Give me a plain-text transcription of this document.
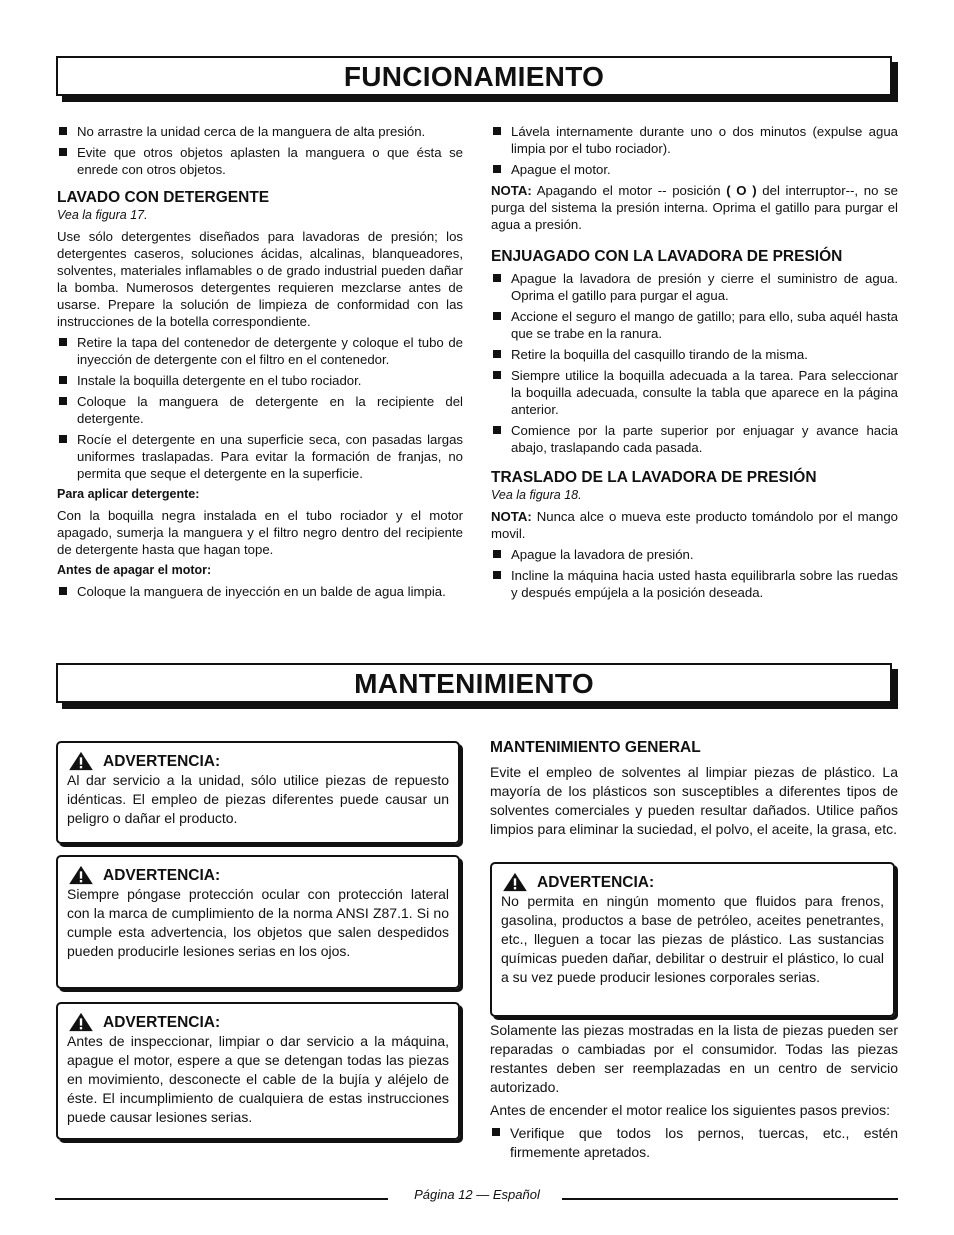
FUNCIONAMIENTO
No arrastre la unidad cerca de la manguera de alta presión.
Evite que otros objetos aplasten la manguera o que ésta se enrede con otros objetos.
LAVADO CON DETERGENTE

Vea la figura 17.

Use sólo detergentes diseñados para lavadoras de presión; los detergentes caseros, soluciones ácidas, alcalinas, blanqueadores, solventes, materiales inflamables o de grado industrial pueden dañar la bomba. Numerosos detergentes requieren mezclarse antes de usarse. Prepare la solución de limpieza de conformidad con las instrucciones de la botella correspondiente.

Retire la tapa del contenedor de detergente y coloque el tubo de inyección de detergente con el filtro en el contenedor.
Instale la boquilla detergente en el tubo rociador.
Coloque la manguera de detergente en la recipiente del detergente.
Rocíe el detergente en una superficie seca, con pasadas largas uniformes traslapadas. Para evitar la formación de franjas, no permita que seque el detergente en la superficie.

Para aplicar detergente:

Con la boquilla negra instalada en el tubo rociador y el motor apagado, sumerja la manguera y el filtro negro dentro del recipiente de detergente hasta que hagan tope.

Antes de apagar el motor:

Coloque la manguera de inyección en un balde de agua limpia.
Lávela internamente durante uno o dos minutos (expulse agua limpia por el tubo rociador).
Apague el motor.

NOTA: Apagando el motor -- posición ( O ) del interruptor--, no se purga del sistema la presión interna. Oprima el gatillo para purgar el agua a presión.

ENJUAGADO CON LA LAVADORA DE PRESIÓN
Apague la lavadora de presión y cierre el suministro de agua. Oprima el gatillo para purgar el agua.
Accione el seguro el mango de gatillo; para ello, suba aquél hasta que se trabe en la ranura.
Retire la boquilla del casquillo tirando de la misma.
Siempre utilice la boquilla adecuada a la tarea. Para seleccionar la boquilla adecuada, consulte la tabla que aparece en la página anterior.
Comience por la parte superior por enjuagar y avance hacia abajo, traslapando cada pasada.
TRASLADO DE LA LAVADORA DE PRESIÓN

Vea la figura 18.

NOTA: Nunca alce o mueva este producto tomándolo por el mango movil.

Apague la lavadora de presión.
Incline la máquina hacia usted hasta equilibrarla sobre las ruedas y después empújela a la posición deseada.
MANTENIMIENTO
ADVERTENCIA:
Al dar servicio a la unidad, sólo utilice piezas de repuesto idénticas. El empleo de piezas diferentes puede causar un peligro o dañar el producto.
ADVERTENCIA:
Siempre póngase protección ocular con protección lateral con la marca de cumplimiento de la norma ANSI Z87.1. Si no cumple esta advertencia, los objetos que salen despedidos pueden producirle lesiones serias en los ojos.
ADVERTENCIA:
Antes de inspeccionar, limpiar o dar servicio a la máquina, apague el motor, espere a que se detengan todas las piezas en movimiento, desconecte el cable de la bujía y aléjelo de éste. El incumplimiento de cualquiera de estas instrucciones puede causar lesiones serias.
MANTENIMIENTO GENERAL

Evite el empleo de solventes al limpiar piezas de plástico. La mayoría de los plásticos son susceptibles a diferentes tipos de solventes comerciales y pueden resultar dañados. Utilice paños limpios para eliminar la suciedad, el polvo, el aceite, la grasa, etc.

ADVERTENCIA:
No permita en ningún momento que fluidos para frenos, gasolina, productos a base de petróleo, aceites penetrantes, etc., lleguen a tocar las piezas de plástico. Las sustancias químicas pueden dañar, debilitar o destruir el plástico, lo cual a su vez puede producir lesiones corporales serias.

Solamente las piezas mostradas en la lista de piezas pueden ser reparadas o cambiadas por el consumidor. Todas las piezas restantes deben ser reemplazadas en un centro de servicio autorizado.

Antes de encender el motor realice los siguientes pasos previos:

Verifique que todos los pernos, tuercas, etc., estén firmemente apretados.
Página 12 — Español
